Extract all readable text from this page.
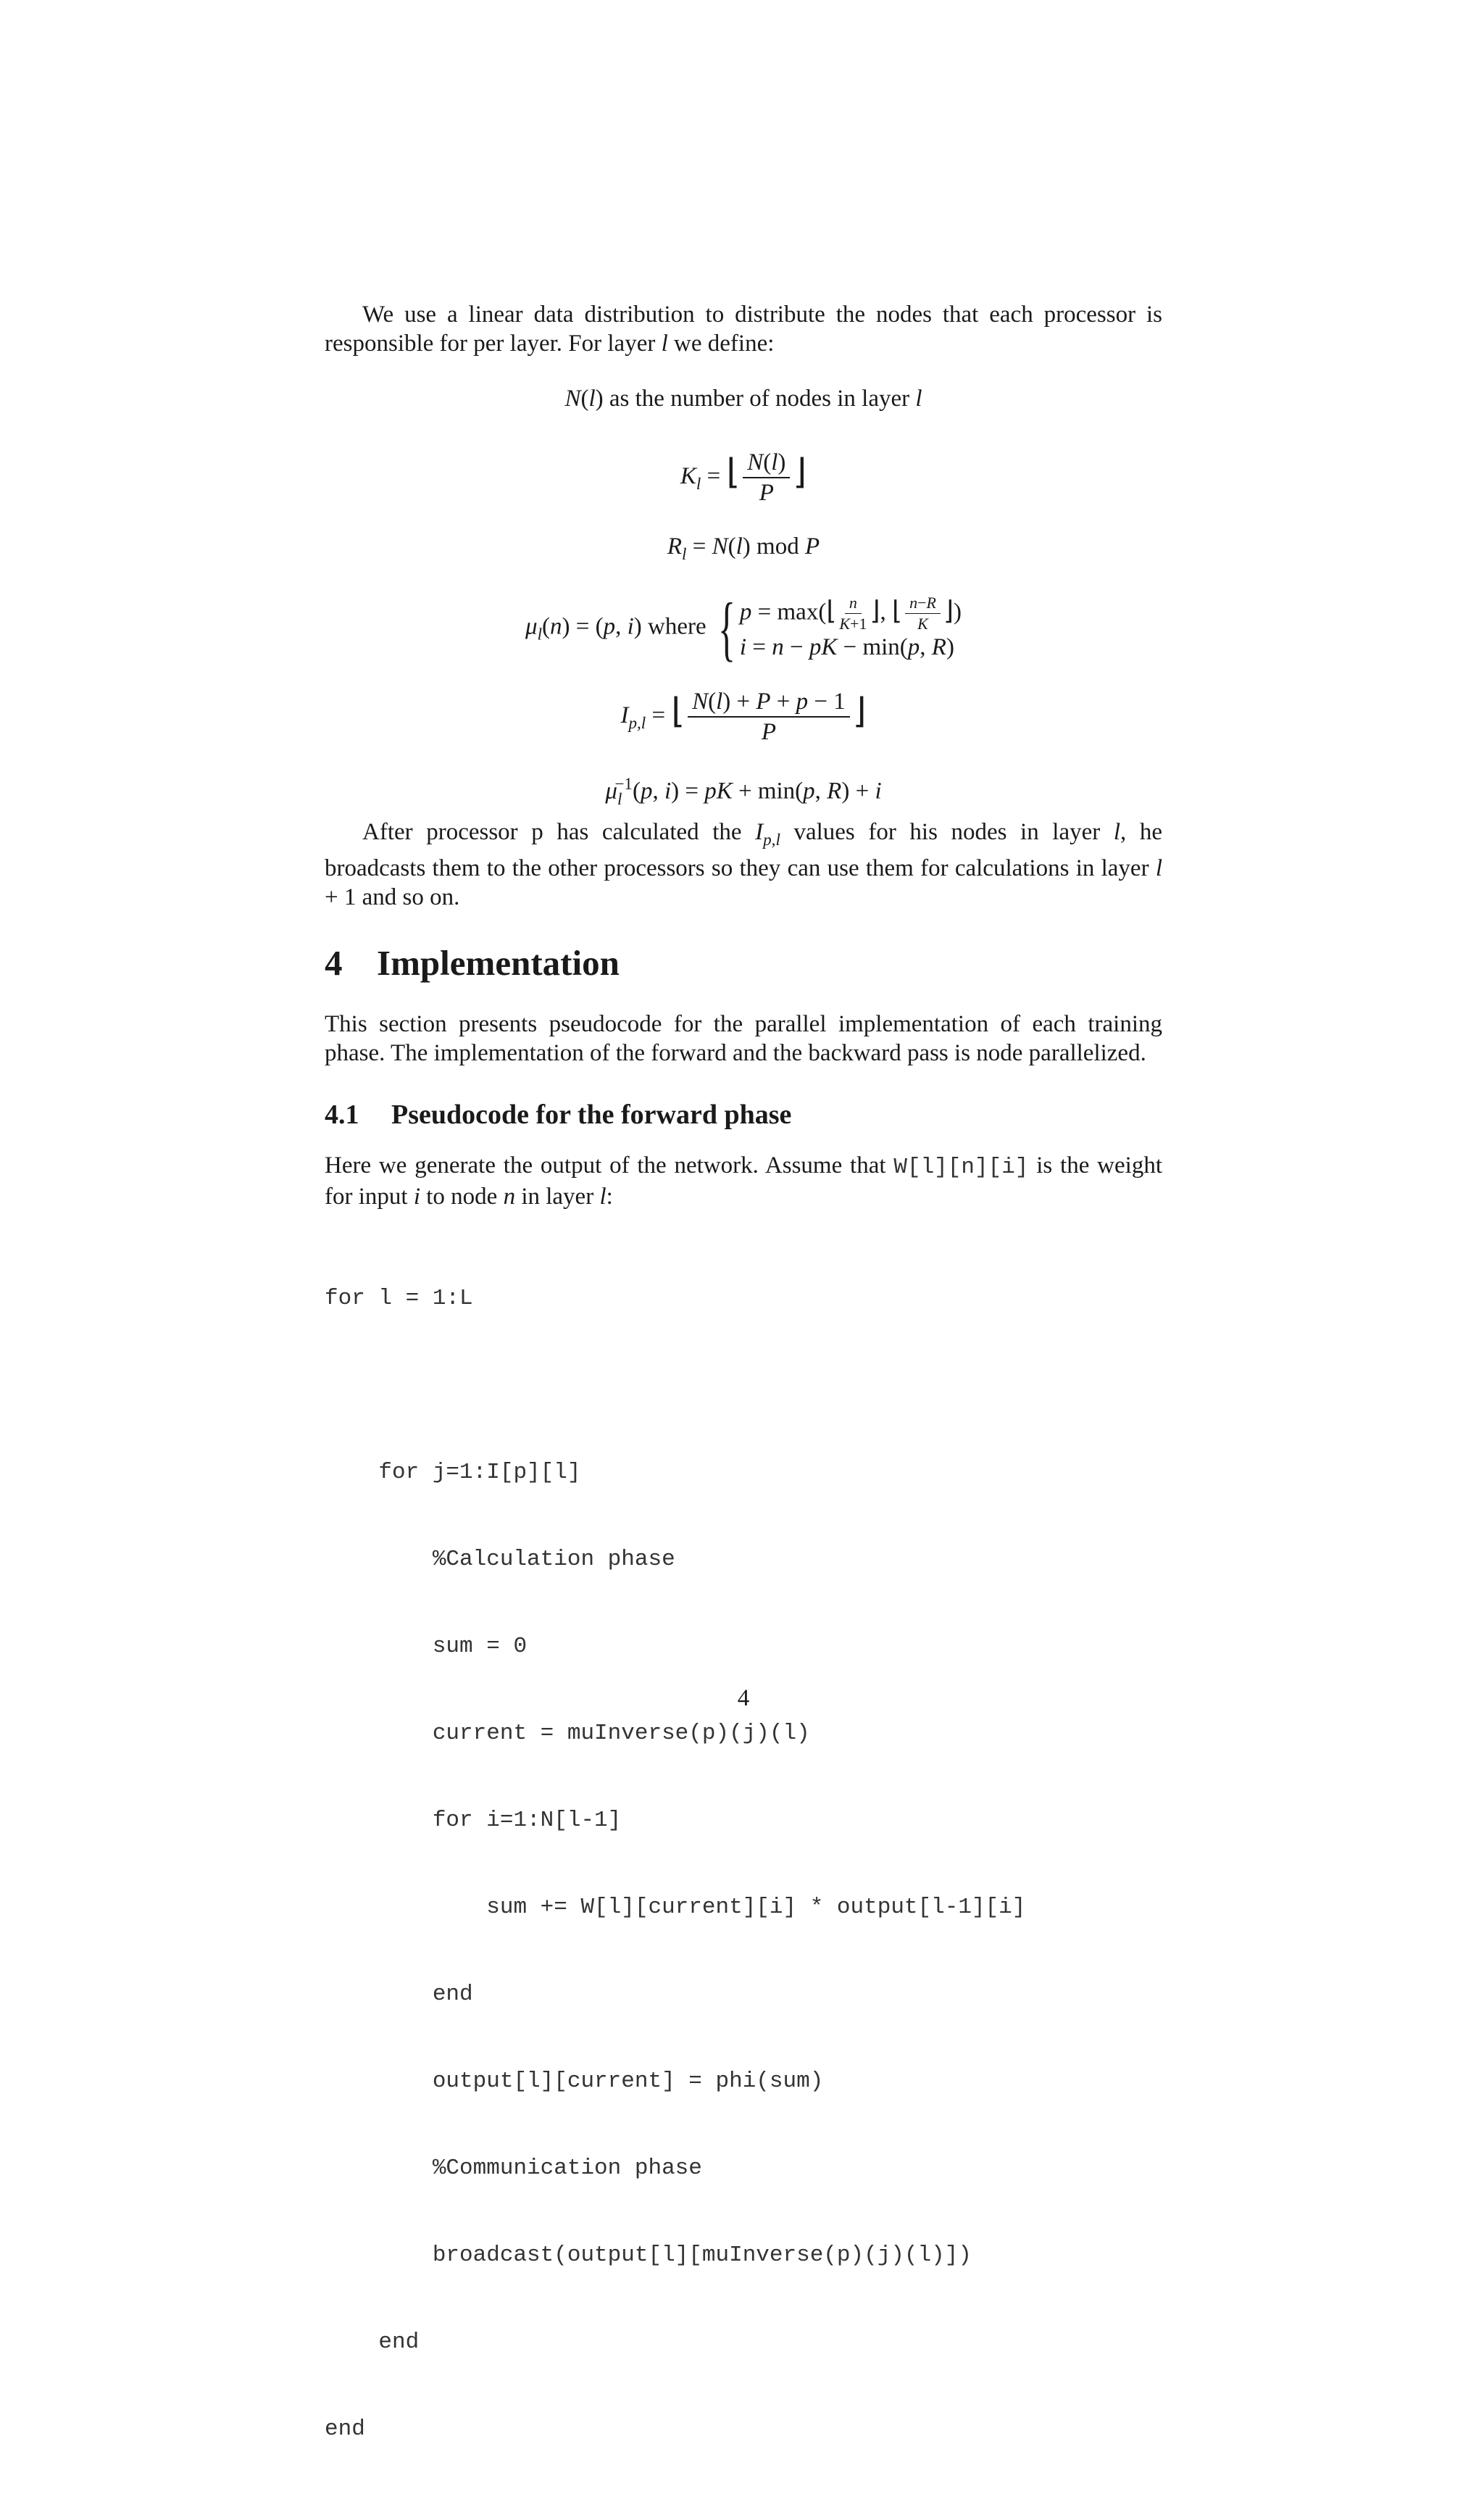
We use a linear data distribution to distribute the nodes that each processor is responsible for per layer. For layer l we define:

N(l) as the number of nodes in layer l
$K_l$ = ⌊ $\frac{N(l)}{P}$ ⌋
$R_l = N(l)$ mod P
$\mu_l(n) = (p$, i) where { p = max(⌊ $\frac{n}{K+1}$ ⌋, ⌊ $\frac{n-R}{K}$ ⌋)
i = n − pK − min(p, R)
$I_{p,l}$ = ⌊ $\frac{N(l) + P + p - 1}{P}$ ⌋
$\mu_l^{-1}(p$, i) = pK + min(p, R) + i

After processor p has calculated the $I_{p,l}$ values for his nodes in layer l, he broadcasts them to the other processors so they can use them for calculations in layer l + 1 and so on.

4 Implementation

This section presents pseudocode for the parallel implementation of each training phase. The implementation of the forward and the backward pass is node parallelized.

4.1 Pseudocode for the forward phase

Here we generate the output of the network. Assume that W[l][n][i] is the weight for input i to node n in layer l:

for l = 1:L

for j=1:I[p][l]

%Calculation phase

sum = 0

current = muInverse(p)(j)(l)

for i=1:N[l-1]

sum += W[l][current][i] * output[l-1][i]

end

output[l][current] = phi(sum)

%Communication phase

broadcast(output[l][muInverse(p)(j)(l)])

end

end

4
